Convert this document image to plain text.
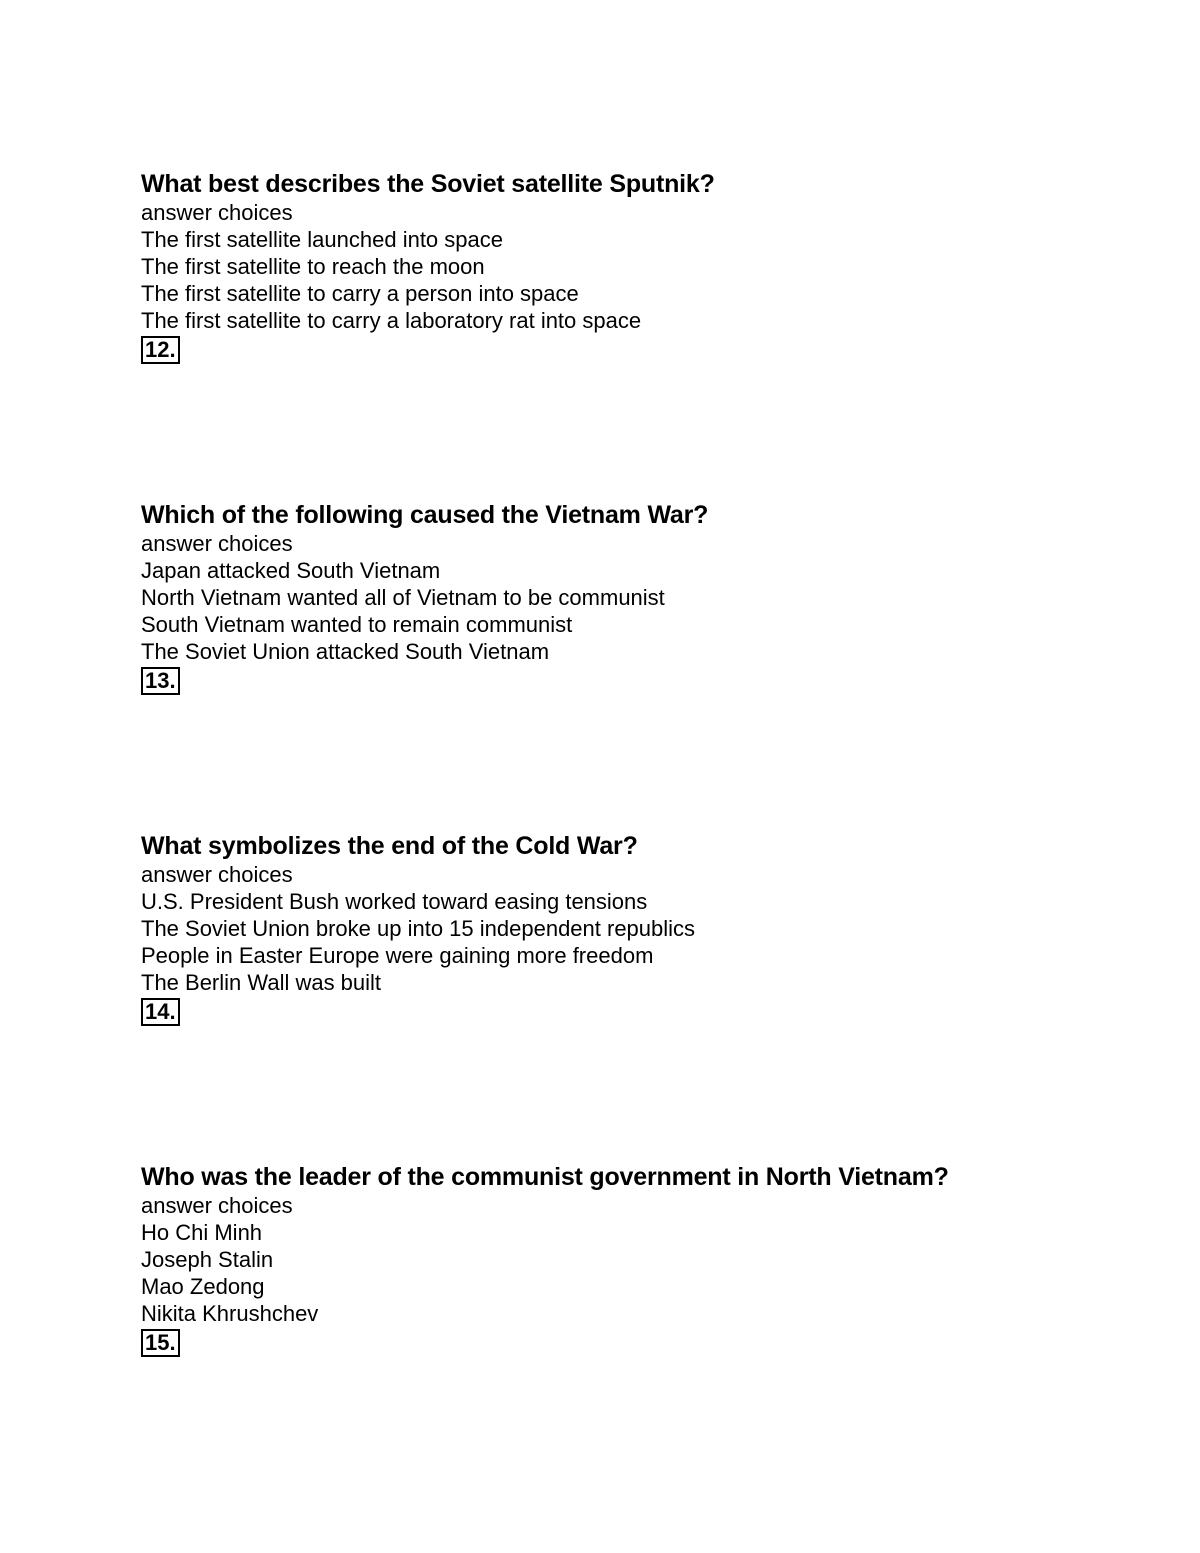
What best describes the Soviet satellite Sputnik?
answer choices
The first satellite launched into space
The first satellite to reach the moon
The first satellite to carry a person into space
The first satellite to carry a laboratory rat into space
12.
Which of the following caused the Vietnam War?
answer choices
Japan attacked South Vietnam
North Vietnam wanted all of Vietnam to be communist
South Vietnam wanted to remain communist
The Soviet Union attacked South Vietnam
13.
What symbolizes the end of the Cold War?
answer choices
U.S. President Bush worked toward easing tensions
The Soviet Union broke up into 15 independent republics
People in Easter Europe were gaining more freedom
The Berlin Wall was built
14.
Who was the leader of the communist government in North Vietnam?
answer choices
Ho Chi Minh
Joseph Stalin
Mao Zedong
Nikita Khrushchev
15.
